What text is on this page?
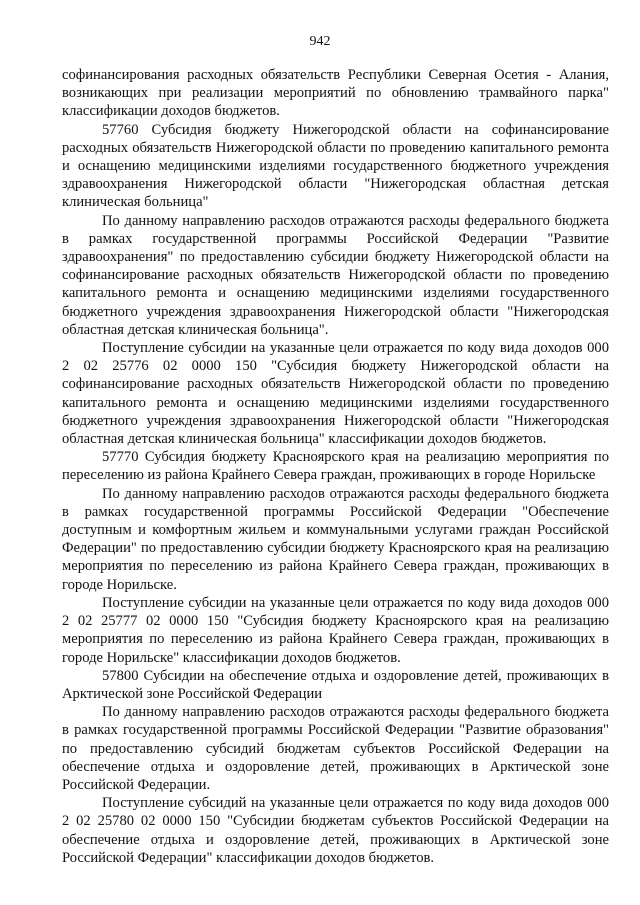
942

софинансирования расходных обязательств Республики Северная Осетия - Алания, возникающих при реализации мероприятий по обновлению трамвайного парка" классификации доходов бюджетов.

57760 Субсидия бюджету Нижегородской области на софинансирование расходных обязательств Нижегородской области по проведению капитального ремонта и оснащению медицинскими изделиями государственного бюджетного учреждения здравоохранения Нижегородской области "Нижегородская областная детская клиническая больница"

По данному направлению расходов отражаются расходы федерального бюджета в рамках государственной программы Российской Федерации "Развитие здравоохранения" по предоставлению субсидии бюджету Нижегородской области на софинансирование расходных обязательств Нижегородской области по проведению капитального ремонта и оснащению медицинскими изделиями государственного бюджетного учреждения здравоохранения Нижегородской области "Нижегородская областная детская клиническая больница".

Поступление субсидии на указанные цели отражается по коду вида доходов 000 2 02 25776 02 0000 150 "Субсидия бюджету Нижегородской области на софинансирование расходных обязательств Нижегородской области по проведению капитального ремонта и оснащению медицинскими изделиями государственного бюджетного учреждения здравоохранения Нижегородской области "Нижегородская областная детская клиническая больница" классификации доходов бюджетов.

57770 Субсидия бюджету Красноярского края на реализацию мероприятия по переселению из района Крайнего Севера граждан, проживающих в городе Норильске

По данному направлению расходов отражаются расходы федерального бюджета в рамках государственной программы Российской Федерации "Обеспечение доступным и комфортным жильем и коммунальными услугами граждан Российской Федерации" по предоставлению субсидии бюджету Красноярского края на реализацию мероприятия по переселению из района Крайнего Севера граждан, проживающих в городе Норильске.

Поступление субсидии на указанные цели отражается по коду вида доходов 000 2 02 25777 02 0000 150 "Субсидия бюджету Красноярского края на реализацию мероприятия по переселению из района Крайнего Севера граждан, проживающих в городе Норильске" классификации доходов бюджетов.

57800 Субсидии на обеспечение отдыха и оздоровление детей, проживающих в Арктической зоне Российской Федерации

По данному направлению расходов отражаются расходы федерального бюджета в рамках государственной программы Российской Федерации "Развитие образования" по предоставлению субсидий бюджетам субъектов Российской Федерации на обеспечение отдыха и оздоровление детей, проживающих в Арктической зоне Российской Федерации.

Поступление субсидий на указанные цели отражается по коду вида доходов 000 2 02 25780 02 0000 150 "Субсидии бюджетам субъектов Российской Федерации на обеспечение отдыха и оздоровление детей, проживающих в Арктической зоне Российской Федерации" классификации доходов бюджетов.
